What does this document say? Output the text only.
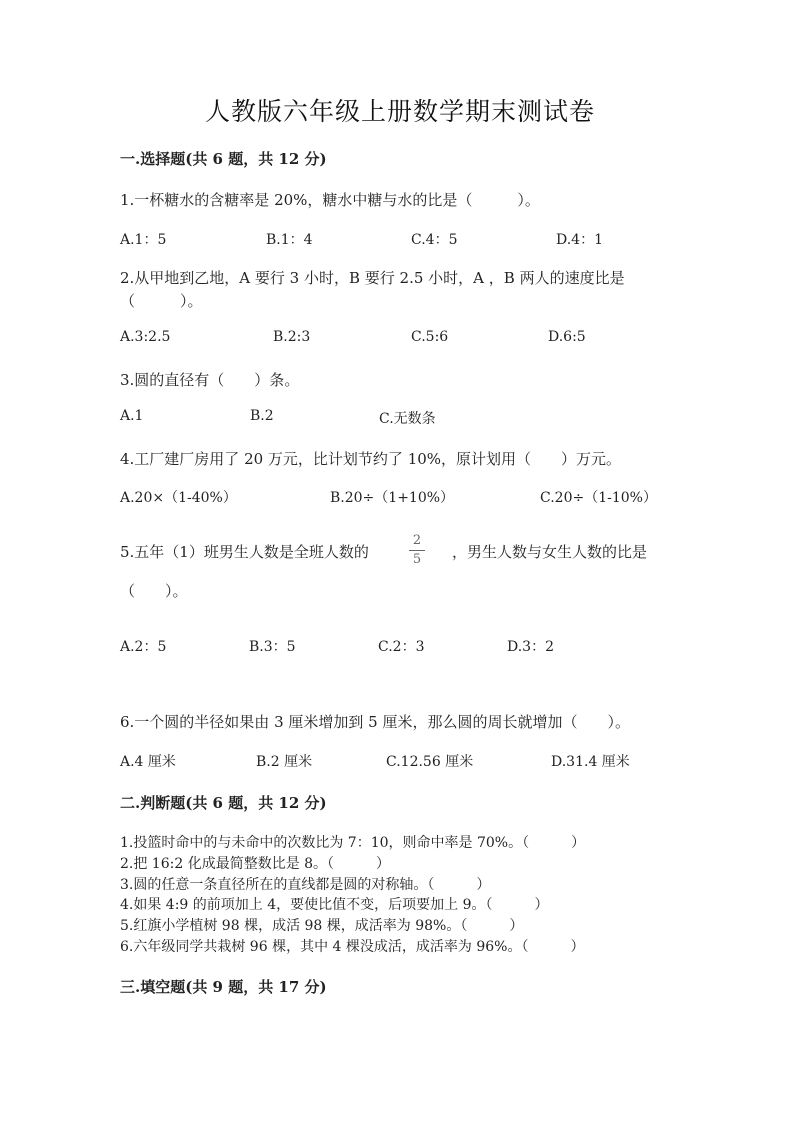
人教版六年级上册数学期末测试卷
一.选择题(共 6 题，共 12 分)
1.一杯糖水的含糖率是 20%，糖水中糖与水的比是（　　　）。
A.1：5	B.1：4	C.4：5	D.4：1
2.从甲地到乙地，A 要行 3 小时，B 要行 2.5 小时，A ，B 两人的速度比是
（　　　）。
A.3:2.5	B.2:3	C.5:6	D.6:5
3.圆的直径有（　　）条。
A.1	B.2	C.无数条
4.工厂建厂房用了 20 万元，比计划节约了 10%，原计划用（　　）万元。
A.20×（1-40%）	B.20÷（1+10%）	C.20÷（1-10%）
5.五年（1）班男生人数是全班人数的
2
5 ，男生人数与女生人数的比是
（　　）。
A.2：5	B.3：5	C.2：3	D.3：2
6.一个圆的半径如果由 3 厘米增加到 5 厘米，那么圆的周长就增加（　　）。
A.4 厘米	B.2 厘米	C.12.56 厘米	D.31.4 厘米
二.判断题(共 6 题，共 12 分)
1.投篮时命中的与未命中的次数比为 7：10，则命中率是 70%。（　　　）
2.把 16:2 化成最简整数比是 8。（　　　）
3.圆的任意一条直径所在的直线都是圆的对称轴。（　　　）
4.如果 4:9 的前项加上 4，要使比值不变，后项要加上 9。（　　　）
5.红旗小学植树 98 棵，成活 98 棵，成活率为 98%。（　　　）
6.六年级同学共栽树 96 棵，其中 4 棵没成活，成活率为 96%。（　　　）
三.填空题(共 9 题，共 17 分)
